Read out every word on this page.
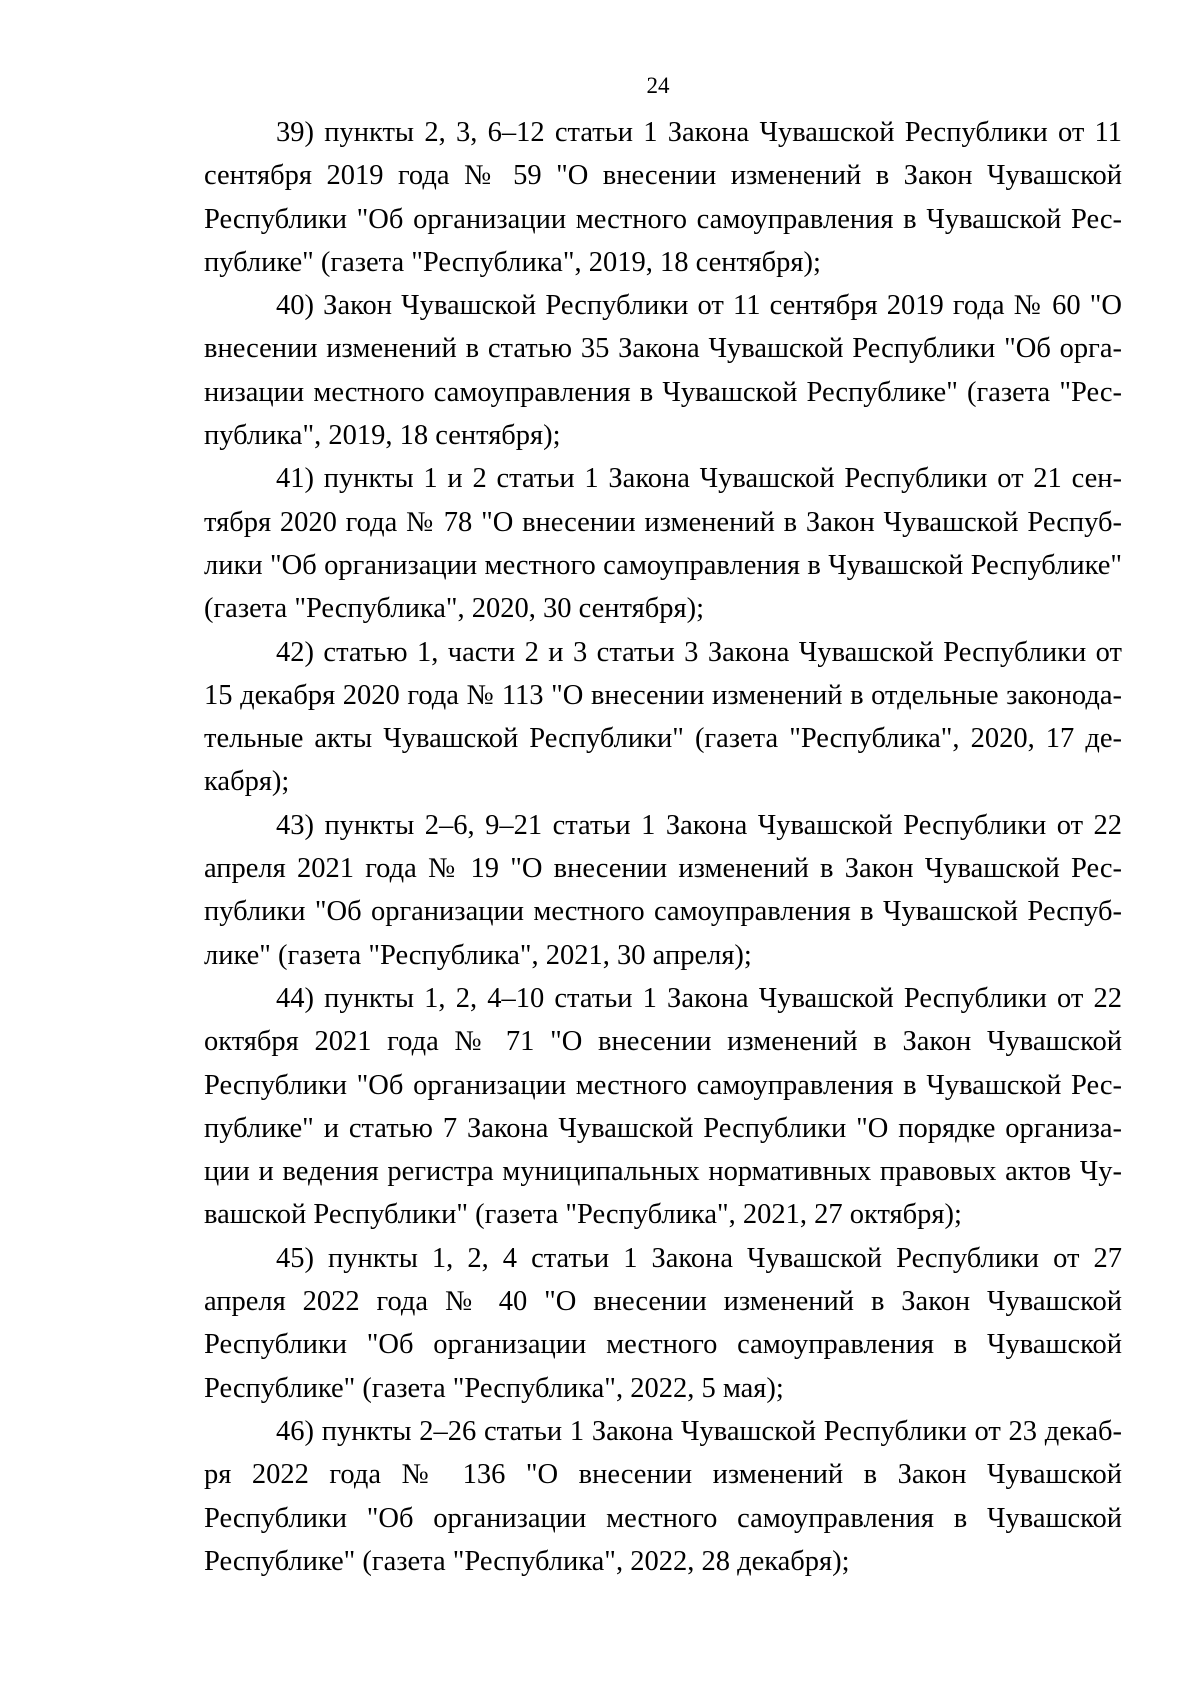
24

39) пункты 2, 3, 6–12 статьи 1 Закона Чувашской Республики от 11 сентября 2019 года № 59 "О внесении изменений в Закон Чувашской Республики "Об организации местного самоуправления в Чувашской Республике" (газета "Республика", 2019, 18 сентября);

40) Закон Чувашской Республики от 11 сентября 2019 года № 60 "О внесении изменений в статью 35 Закона Чувашской Республики "Об организации местного самоуправления в Чувашской Республике" (газета "Республика", 2019, 18 сентября);

41) пункты 1 и 2 статьи 1 Закона Чувашской Республики от 21 сентября 2020 года № 78 "О внесении изменений в Закон Чувашской Республики "Об организации местного самоуправления в Чувашской Республике" (газета "Республика", 2020, 30 сентября);

42) статью 1, части 2 и 3 статьи 3 Закона Чувашской Республики от 15 декабря 2020 года № 113 "О внесении изменений в отдельные законодательные акты Чувашской Республики" (газета "Республика", 2020, 17 декабря);

43) пункты 2–6, 9–21 статьи 1 Закона Чувашской Республики от 22 апреля 2021 года № 19 "О внесении изменений в Закон Чувашской Республики "Об организации местного самоуправления в Чувашской Республике" (газета "Республика", 2021, 30 апреля);

44) пункты 1, 2, 4–10 статьи 1 Закона Чувашской Республики от 22 октября 2021 года № 71 "О внесении изменений в Закон Чувашской Республики "Об организации местного самоуправления в Чувашской Республике" и статью 7 Закона Чувашской Республики "О порядке организации и ведения регистра муниципальных нормативных правовых актов Чувашской Республики" (газета "Республика", 2021, 27 октября);

45) пункты 1, 2, 4 статьи 1 Закона Чувашской Республики от 27 апреля 2022 года № 40 "О внесении изменений в Закон Чувашской Республики "Об организации местного самоуправления в Чувашской Республике" (газета "Республика", 2022, 5 мая);

46) пункты 2–26 статьи 1 Закона Чувашской Республики от 23 декабря 2022 года № 136 "О внесении изменений в Закон Чувашской Республики "Об организации местного самоуправления в Чувашской Республике" (газета "Республика", 2022, 28 декабря);
